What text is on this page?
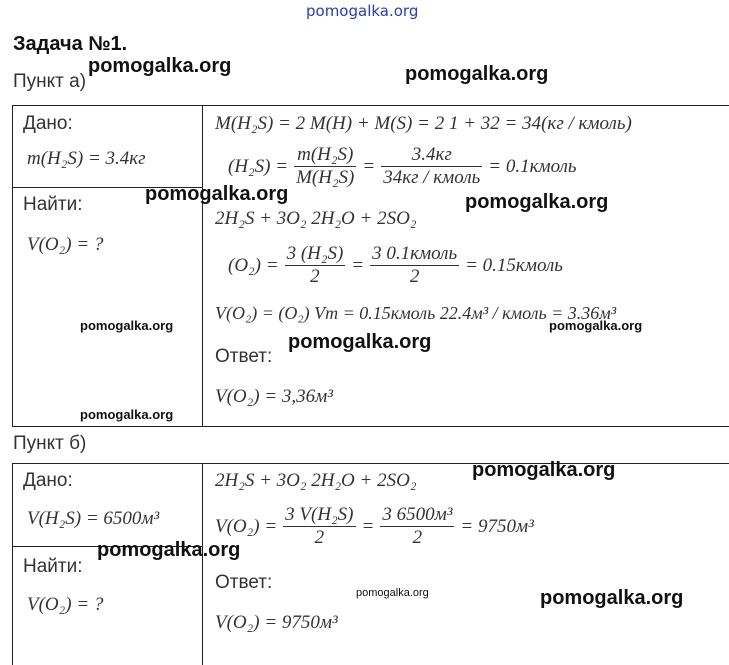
pomogalka.org
Задача №1.
Пункт а)
Дано:
m(H₂S) = 3.4кг
Найти:
V(O₂) = ?
M(H₂S) = 2 M(H) + M(S) = 2 1 + 32 = 34(кг / кмоль)
$(H_2S) = \frac{\text{m(H₂S)}}{\text{M(H₂S)}} = \frac{3.4кг}{\text{34кг / кмоль}}$ = 0.1кмоль
2H₂S + 3O₂ 2H₂O + 2SO₂
$(O_2) = \frac{\text{3 (H₂S)}}{2} = \frac{\text{3 0.1кмоль}}{2}$ = 0.15кмоль
V(O₂) = (O₂) Vm = 0.15кмоль 22.4м³ / кмоль = 3.36м³
Ответ:
V(O₂) = 3,36м³
Пункт б)
Дано:
V(H₂S) = 6500м³
Найти:
V(O₂) = ?
2H₂S + 3O₂ 2H₂O + 2SO₂
$V(O_2) = \frac{\text{3 V(H₂S)}}{2} = \frac{\text{3 6500м³}}{2} = 9750м^3$
Ответ:
V(O₂) = 9750м³
pomogalka.org	pomogalka.org
pomogalka.org	pomogalka.org
pomogalka.org	pomogalka.org
pomogalka.org
pomogalka.org
pomogalka.org
pomogalka.org
pomogalka.org	pomogalka.org
